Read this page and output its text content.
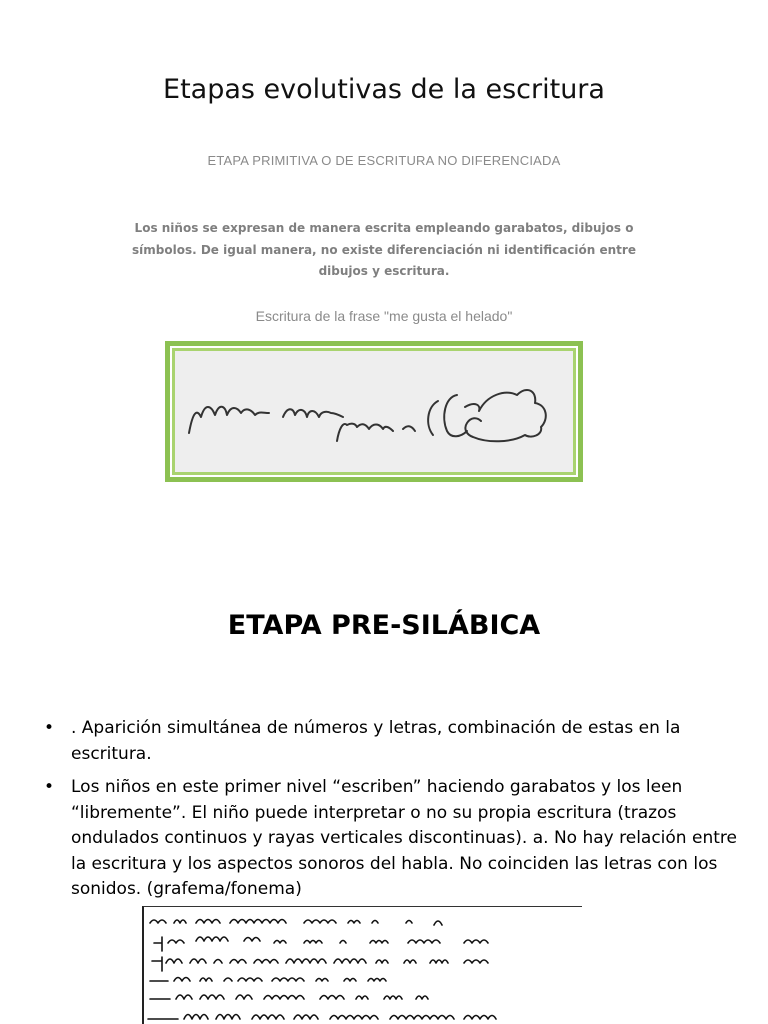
Etapas evolutivas de la escritura
ETAPA PRIMITIVA O DE ESCRITURA NO DIFERENCIADA
Los niños se expresan de manera escrita empleando garabatos, dibujos o símbolos. De igual manera, no existe diferenciación ni identificación entre dibujos y escritura.
Escritura de la frase "me gusta el helado"
ETAPA PRE-SILÁBICA
• . Aparición simultánea de números y letras, combinación de estas en la escritura.
• Los niños en este primer nivel “escriben” haciendo garabatos y los leen “libremente”. El niño puede interpretar o no su propia escritura (trazos ondulados continuos y rayas verticales discontinuas). a. No hay relación entre la escritura y los aspectos sonoros del habla. No coinciden las letras con los sonidos. (grafema/fonema)
